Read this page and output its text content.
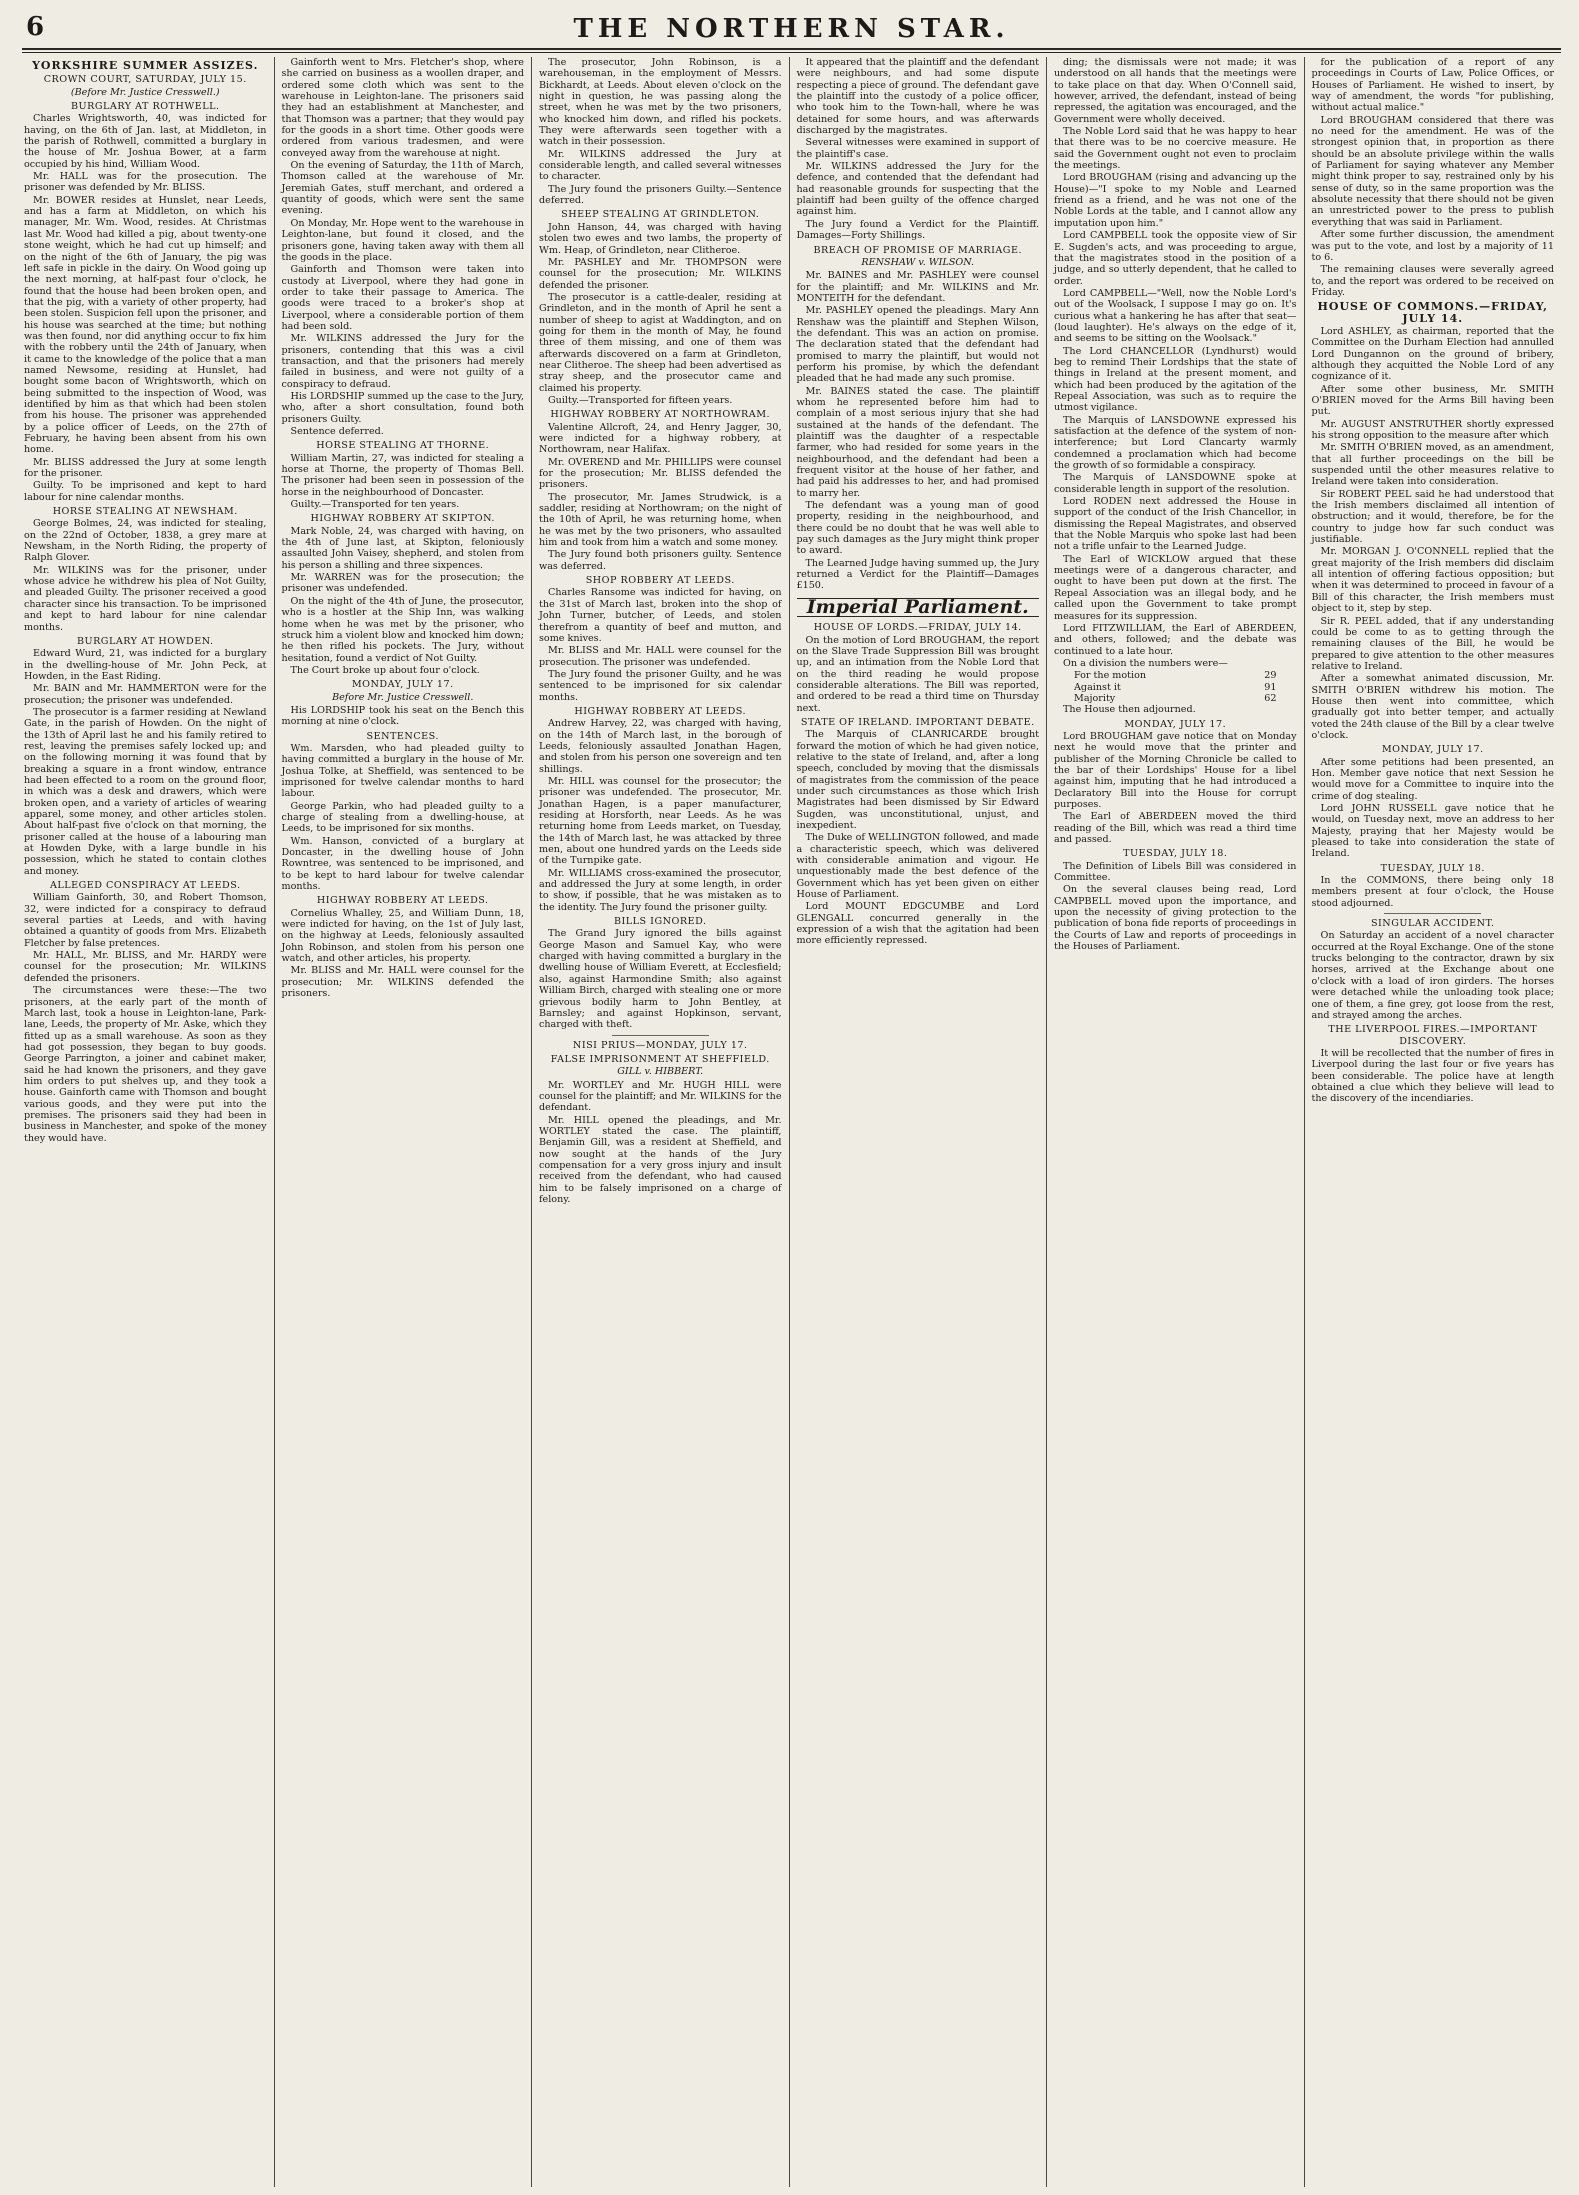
6	THE NORTHERN STAR.
YORKSHIRE SUMMER ASSIZES.
CROWN COURT, SATURDAY, JULY 15.
(Before Mr. Justice Cresswell.)
BURGLARY AT ROTHWELL.

Charles Wrightsworth, 40, was indicted for having, on the 6th of Jan. last, at Middleton, in the parish of Rothwell, committed a burglary in the house of Mr. Joshua Bower, at a farm occupied by his hind, William Wood.

Mr. HALL was for the prosecution. The prisoner was defended by Mr. BLISS.

Mr. BOWER resides at Hunslet, near Leeds, and has a farm at Middleton, on which his manager, Mr. Wm. Wood, resides. At Christmas last Mr. Wood had killed a pig, about twenty-one stone weight, which he had cut up himself; and on the night of the 6th of January, the pig was left safe in pickle in the dairy. On Wood going up the next morning, at half-past four o'clock, he found that the house had been broken open, and that the pig, with a variety of other property, had been stolen. Suspicion fell upon the prisoner, and his house was searched at the time; but nothing was then found, nor did anything occur to fix him with the robbery until the 24th of January, when it came to the knowledge of the police that a man named Newsome, residing at Hunslet, had bought some bacon of Wrightsworth, which on being submitted to the inspection of Wood, was identified by him as that which had been stolen from his house. The prisoner was apprehended by a police officer of Leeds, on the 27th of February, he having been absent from his own home.

Mr. BLISS addressed the Jury at some length for the prisoner.

Guilty. To be imprisoned and kept to hard labour for nine calendar months.

HORSE STEALING AT NEWSHAM.

George Bolmes, 24, was indicted for stealing, on the 22nd of October, 1838, a grey mare at Newsham, in the North Riding, the property of Ralph Glover.

Mr. WILKINS was for the prisoner, under whose advice he withdrew his plea of Not Guilty, and pleaded Guilty. The prisoner received a good character since his transaction. To be imprisoned and kept to hard labour for nine calendar months.

BURGLARY AT HOWDEN.

Edward Wurd, 21, was indicted for a burglary in the dwelling-house of Mr. John Peck, at Howden, in the East Riding.

Mr. BAIN and Mr. HAMMERTON were for the prosecution; the prisoner was undefended.

The prosecutor is a farmer residing at Newland Gate, in the parish of Howden. On the night of the 13th of April last he and his family retired to rest, leaving the premises safely locked up; and on the following morning it was found that by breaking a square in a front window, entrance had been effected to a room on the ground floor, in which was a desk and drawers, which were broken open, and a variety of articles of wearing apparel, some money, and other articles stolen. About half-past five o'clock on that morning, the prisoner called at the house of a labouring man at Howden Dyke, with a large bundle in his possession, which he stated to contain clothes and money.

ALLEGED CONSPIRACY AT LEEDS.

William Gainforth, 30, and Robert Thomson, 32, were indicted for a conspiracy to defraud several parties at Leeds, and with having obtained a quantity of goods from Mrs. Elizabeth Fletcher by false pretences.

Mr. HALL, Mr. BLISS, and Mr. HARDY were counsel for the prosecution; Mr. WILKINS defended the prisoners.

The circumstances were these:—The two prisoners, at the early part of the month of March last, took a house in Leighton-lane, Park-lane, Leeds, the property of Mr. Aske, which they fitted up as a small warehouse. As soon as they had got possession, they began to buy goods. George Parrington, a joiner and cabinet maker, said he had known the prisoners, and they gave him orders to put shelves up, and they took a house. Gainforth came with Thomson and bought various goods, and they were put into the premises. The prisoners said they had been in business in Manchester, and spoke of the money they would have.

Gainforth went to Mrs. Fletcher's shop, where she carried on business as a woollen draper, and ordered some cloth which was sent to the warehouse in Leighton-lane. The prisoners said they had an establishment at Manchester, and that Thomson was a partner; that they would pay for the goods in a short time. Other goods were ordered from various tradesmen, and were conveyed away from the warehouse at night.

On the evening of Saturday, the 11th of March, Thomson called at the warehouse of Mr. Jeremiah Gates, stuff merchant, and ordered a quantity of goods, which were sent the same evening.

On Monday, Mr. Hope went to the warehouse in Leighton-lane, but found it closed, and the prisoners gone, having taken away with them all the goods in the place.

Gainforth and Thomson were taken into custody at Liverpool, where they had gone in order to take their passage to America. The goods were traced to a broker's shop at Liverpool, where a considerable portion of them had been sold.

Mr. WILKINS addressed the Jury for the prisoners, contending that this was a civil transaction, and that the prisoners had merely failed in business, and were not guilty of a conspiracy to defraud.

His LORDSHIP summed up the case to the Jury, who, after a short consultation, found both prisoners Guilty.

Sentence deferred.

HORSE STEALING AT THORNE.

William Martin, 27, was indicted for stealing a horse at Thorne, the property of Thomas Bell. The prisoner had been seen in possession of the horse in the neighbourhood of Doncaster.

Guilty.—Transported for ten years.

HIGHWAY ROBBERY AT SKIPTON.

Mark Noble, 24, was charged with having, on the 4th of June last, at Skipton, feloniously assaulted John Vaisey, shepherd, and stolen from his person a shilling and three sixpences.

Mr. WARREN was for the prosecution; the prisoner was undefended.

On the night of the 4th of June, the prosecutor, who is a hostler at the Ship Inn, was walking home when he was met by the prisoner, who struck him a violent blow and knocked him down; he then rifled his pockets. The Jury, without hesitation, found a verdict of Not Guilty.

The Court broke up about four o'clock.

MONDAY, JULY 17.
Before Mr. Justice Cresswell.

His LORDSHIP took his seat on the Bench this morning at nine o'clock.

SENTENCES.

Wm. Marsden, who had pleaded guilty to having committed a burglary in the house of Mr. Joshua Tolke, at Sheffield, was sentenced to be imprisoned for twelve calendar months to hard labour.

George Parkin, who had pleaded guilty to a charge of stealing from a dwelling-house, at Leeds, to be imprisoned for six months.

Wm. Hanson, convicted of a burglary at Doncaster, in the dwelling house of John Rowntree, was sentenced to be imprisoned, and to be kept to hard labour for twelve calendar months.

HIGHWAY ROBBERY AT LEEDS.

Cornelius Whalley, 25, and William Dunn, 18, were indicted for having, on the 1st of July last, on the highway at Leeds, feloniously assaulted John Robinson, and stolen from his person one watch, and other articles, his property.

Mr. BLISS and Mr. HALL were counsel for the prosecution; Mr. WILKINS defended the prisoners.

The prosecutor, John Robinson, is a warehouseman, in the employment of Messrs. Bickhardt, at Leeds. About eleven o'clock on the night in question, he was passing along the street, when he was met by the two prisoners, who knocked him down, and rifled his pockets. They were afterwards seen together with a watch in their possession.

Mr. WILKINS addressed the Jury at considerable length, and called several witnesses to character.

The Jury found the prisoners Guilty.—Sentence deferred.

SHEEP STEALING AT GRINDLETON.

John Hanson, 44, was charged with having stolen two ewes and two lambs, the property of Wm. Heap, of Grindleton, near Clitheroe.

Mr. PASHLEY and Mr. THOMPSON were counsel for the prosecution; Mr. WILKINS defended the prisoner.

The prosecutor is a cattle-dealer, residing at Grindleton, and in the month of April he sent a number of sheep to agist at Waddington, and on going for them in the month of May, he found three of them missing, and one of them was afterwards discovered on a farm at Grindleton, near Clitheroe. The sheep had been advertised as stray sheep, and the prosecutor came and claimed his property.

Guilty.—Transported for fifteen years.

HIGHWAY ROBBERY AT NORTHOWRAM.

Valentine Allcroft, 24, and Henry Jagger, 30, were indicted for a highway robbery, at Northowram, near Halifax.

Mr. OVEREND and Mr. PHILLIPS were counsel for the prosecution; Mr. BLISS defended the prisoners.

The prosecutor, Mr. James Strudwick, is a saddler, residing at Northowram; on the night of the 10th of April, he was returning home, when he was met by the two prisoners, who assaulted him and took from him a watch and some money.

The Jury found both prisoners guilty. Sentence was deferred.

SHOP ROBBERY AT LEEDS.

Charles Ransome was indicted for having, on the 31st of March last, broken into the shop of John Turner, butcher, of Leeds, and stolen therefrom a quantity of beef and mutton, and some knives.

Mr. BLISS and Mr. HALL were counsel for the prosecution. The prisoner was undefended.

The Jury found the prisoner Guilty, and he was sentenced to be imprisoned for six calendar months.

HIGHWAY ROBBERY AT LEEDS.

Andrew Harvey, 22, was charged with having, on the 14th of March last, in the borough of Leeds, feloniously assaulted Jonathan Hagen, and stolen from his person one sovereign and ten shillings.

Mr. HILL was counsel for the prosecutor; the prisoner was undefended. The prosecutor, Mr. Jonathan Hagen, is a paper manufacturer, residing at Horsforth, near Leeds. As he was returning home from Leeds market, on Tuesday, the 14th of March last, he was attacked by three men, about one hundred yards on the Leeds side of the Turnpike gate.

Mr. WILLIAMS cross-examined the prosecutor, and addressed the Jury at some length, in order to show, if possible, that he was mistaken as to the identity. The Jury found the prisoner guilty.

BILLS IGNORED.

The Grand Jury ignored the bills against George Mason and Samuel Kay, who were charged with having committed a burglary in the dwelling house of William Everett, at Ecclesfield; also, against Harmondine Smith; also against William Birch, charged with stealing one or more grievous bodily harm to John Bentley, at Barnsley; and against Hopkinson, servant, charged with theft.

NISI PRIUS—MONDAY, JULY 17.
FALSE IMPRISONMENT AT SHEFFIELD.
GILL v. HIBBERT.

Mr. WORTLEY and Mr. HUGH HILL were counsel for the plaintiff; and Mr. WILKINS for the defendant.

Mr. HILL opened the pleadings, and Mr. WORTLEY stated the case. The plaintiff, Benjamin Gill, was a resident at Sheffield, and now sought at the hands of the Jury compensation for a very gross injury and insult received from the defendant, who had caused him to be falsely imprisoned on a charge of felony.

It appeared that the plaintiff and the defendant were neighbours, and had some dispute respecting a piece of ground. The defendant gave the plaintiff into the custody of a police officer, who took him to the Town-hall, where he was detained for some hours, and was afterwards discharged by the magistrates.

Several witnesses were examined in support of the plaintiff's case.

Mr. WILKINS addressed the Jury for the defence, and contended that the defendant had had reasonable grounds for suspecting that the plaintiff had been guilty of the offence charged against him.

The Jury found a Verdict for the Plaintiff. Damages—Forty Shillings.

BREACH OF PROMISE OF MARRIAGE.
RENSHAW v. WILSON.

Mr. BAINES and Mr. PASHLEY were counsel for the plaintiff; and Mr. WILKINS and Mr. MONTEITH for the defendant.

Mr. PASHLEY opened the pleadings. Mary Ann Renshaw was the plaintiff and Stephen Wilson, the defendant. This was an action on promise. The declaration stated that the defendant had promised to marry the plaintiff, but would not perform his promise, by which the defendant pleaded that he had made any such promise.

Mr. BAINES stated the case. The plaintiff whom he represented before him had to complain of a most serious injury that she had sustained at the hands of the defendant. The plaintiff was the daughter of a respectable farmer, who had resided for some years in the neighbourhood, and the defendant had been a frequent visitor at the house of her father, and had paid his addresses to her, and had promised to marry her.

The defendant was a young man of good property, residing in the neighbourhood, and there could be no doubt that he was well able to pay such damages as the Jury might think proper to award.

The Learned Judge having summed up, the Jury returned a Verdict for the Plaintiff—Damages £150.

Imperial Parliament.
HOUSE OF LORDS.—FRIDAY, JULY 14.

On the motion of Lord BROUGHAM, the report on the Slave Trade Suppression Bill was brought up, and an intimation from the Noble Lord that on the third reading he would propose considerable alterations. The Bill was reported, and ordered to be read a third time on Thursday next.

STATE OF IRELAND. IMPORTANT DEBATE.

The Marquis of CLANRICARDE brought forward the motion of which he had given notice, relative to the state of Ireland, and, after a long speech, concluded by moving that the dismissals of magistrates from the commission of the peace under such circumstances as those which Irish Magistrates had been dismissed by Sir Edward Sugden, was unconstitutional, unjust, and inexpedient.

The Duke of WELLINGTON followed, and made a characteristic speech, which was delivered with considerable animation and vigour. He unquestionably made the best defence of the Government which has yet been given on either House of Parliament.

Lord MOUNT EDGCUMBE and Lord GLENGALL concurred generally in the expression of a wish that the agitation had been more efficiently repressed.

ding; the dismissals were not made; it was understood on all hands that the meetings were to take place on that day. When O'Connell said, however, arrived, the defendant, instead of being repressed, the agitation was encouraged, and the Government were wholly deceived.

The Noble Lord said that he was happy to hear that there was to be no coercive measure. He said the Government ought not even to proclaim the meetings.

Lord BROUGHAM (rising and advancing up the House)—"I spoke to my Noble and Learned friend as a friend, and he was not one of the Noble Lords at the table, and I cannot allow any imputation upon him."

Lord CAMPBELL took the opposite view of Sir E. Sugden's acts, and was proceeding to argue, that the magistrates stood in the position of a judge, and so utterly dependent, that he called to order.

Lord CAMPBELL—"Well, now the Noble Lord's out of the Woolsack, I suppose I may go on. It's curious what a hankering he has after that seat—(loud laughter). He's always on the edge of it, and seems to be sitting on the Woolsack."

The Lord CHANCELLOR (Lyndhurst) would beg to remind Their Lordships that the state of things in Ireland at the present moment, and which had been produced by the agitation of the Repeal Association, was such as to require the utmost vigilance.

The Marquis of LANSDOWNE expressed his satisfaction at the defence of the system of non-interference; but Lord Clancarty warmly condemned a proclamation which had become the growth of so formidable a conspiracy.

The Marquis of LANSDOWNE spoke at considerable length in support of the resolution.

Lord RODEN next addressed the House in support of the conduct of the Irish Chancellor, in dismissing the Repeal Magistrates, and observed that the Noble Marquis who spoke last had been not a trifle unfair to the Learned Judge.

The Earl of WICKLOW argued that these meetings were of a dangerous character, and ought to have been put down at the first. The Repeal Association was an illegal body, and he called upon the Government to take prompt measures for its suppression.

Lord FITZWILLIAM, the Earl of ABERDEEN, and others, followed; and the debate was continued to a late hour.

On a division the numbers were—

For the motion	29
Against it	91
Majority	62

The House then adjourned.

MONDAY, JULY 17.

Lord BROUGHAM gave notice that on Monday next he would move that the printer and publisher of the Morning Chronicle be called to the bar of their Lordships' House for a libel against him, imputing that he had introduced a Declaratory Bill into the House for corrupt purposes.

The Earl of ABERDEEN moved the third reading of the Bill, which was read a third time and passed.

TUESDAY, JULY 18.

The Definition of Libels Bill was considered in Committee.

On the several clauses being read, Lord CAMPBELL moved upon the importance, and upon the necessity of giving protection to the publication of bona fide reports of proceedings in the Courts of Law and reports of proceedings in the Houses of Parliament.

for the publication of a report of any proceedings in Courts of Law, Police Offices, or Houses of Parliament. He wished to insert, by way of amendment, the words "for publishing, without actual malice."

Lord BROUGHAM considered that there was no need for the amendment. He was of the strongest opinion that, in proportion as there should be an absolute privilege within the walls of Parliament for saying whatever any Member might think proper to say, restrained only by his sense of duty, so in the same proportion was the absolute necessity that there should not be given an unrestricted power to the press to publish everything that was said in Parliament.

After some further discussion, the amendment was put to the vote, and lost by a majority of 11 to 6.

The remaining clauses were severally agreed to, and the report was ordered to be received on Friday.

HOUSE OF COMMONS.—FRIDAY, JULY 14.

Lord ASHLEY, as chairman, reported that the Committee on the Durham Election had annulled Lord Dungannon on the ground of bribery, although they acquitted the Noble Lord of any cognizance of it.

After some other business, Mr. SMITH O'BRIEN moved for the Arms Bill having been put.

Mr. AUGUST ANSTRUTHER shortly expressed his strong opposition to the measure after which

Mr. SMITH O'BRIEN moved, as an amendment, that all further proceedings on the bill be suspended until the other measures relative to Ireland were taken into consideration.

Sir ROBERT PEEL said he had understood that the Irish members disclaimed all intention of obstruction; and it would, therefore, be for the country to judge how far such conduct was justifiable.

Mr. MORGAN J. O'CONNELL replied that the great majority of the Irish members did disclaim all intention of offering factious opposition; but when it was determined to proceed in favour of a Bill of this character, the Irish members must object to it, step by step.

Sir R. PEEL added, that if any understanding could be come to as to getting through the remaining clauses of the Bill, he would be prepared to give attention to the other measures relative to Ireland.

After a somewhat animated discussion, Mr. SMITH O'BRIEN withdrew his motion. The House then went into committee, which gradually got into better temper, and actually voted the 24th clause of the Bill by a clear twelve o'clock.

MONDAY, JULY 17.

After some petitions had been presented, an Hon. Member gave notice that next Session he would move for a Committee to inquire into the crime of dog stealing.

Lord JOHN RUSSELL gave notice that he would, on Tuesday next, move an address to her Majesty, praying that her Majesty would be pleased to take into consideration the state of Ireland.

TUESDAY, JULY 18.

In the COMMONS, there being only 18 members present at four o'clock, the House stood adjourned.

SINGULAR ACCIDENT.

On Saturday an accident of a novel character occurred at the Royal Exchange. One of the stone trucks belonging to the contractor, drawn by six horses, arrived at the Exchange about one o'clock with a load of iron girders. The horses were detached while the unloading took place; one of them, a fine grey, got loose from the rest, and strayed among the arches.

THE LIVERPOOL FIRES.—IMPORTANT DISCOVERY.

It will be recollected that the number of fires in Liverpool during the last four or five years has been considerable. The police have at length obtained a clue which they believe will lead to the discovery of the incendiaries.
